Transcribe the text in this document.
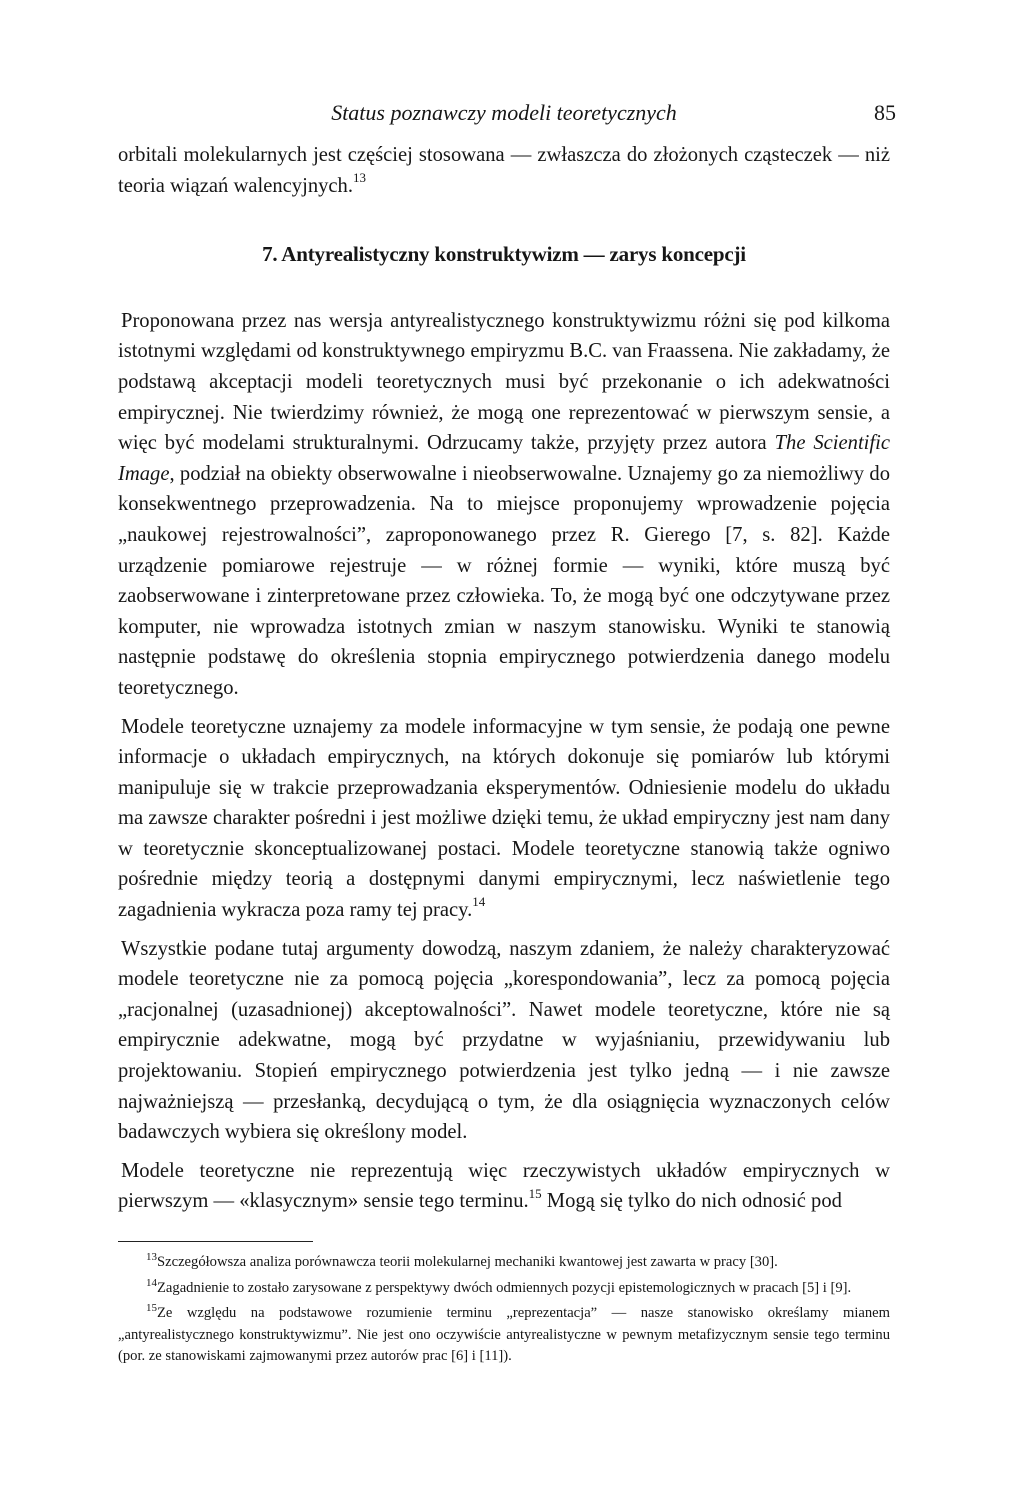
Status poznawczy modeli teoretycznych	85

orbitali molekularnych jest częściej stosowana — zwłaszcza do złożonych cząsteczek — niż teoria wiązań walencyjnych.$^{13}$

7. Antyrealistyczny konstruktywizm — zarys koncepcji

Proponowana przez nas wersja antyrealistycznego konstruktywizmu różni się pod kilkoma istotnymi względami od konstruktywnego empiryzmu B.C. van Fraassena. Nie zakładamy, że podstawą akceptacji modeli teoretycznych musi być przekonanie o ich adekwatności empirycznej. Nie twierdzimy również, że mogą one reprezentować w pierwszym sensie, a więc być modelami strukturalnymi. Odrzucamy także, przyjęty przez autora The Scientific Image, podział na obiekty obserwowalne i nieobserwowalne. Uznajemy go za niemożliwy do konsekwentnego przeprowadzenia. Na to miejsce proponujemy wprowadzenie pojęcia „naukowej rejestrowalności”, zaproponowanego przez R. Gierego [7, s. 82]. Każde urządzenie pomiarowe rejestruje — w różnej formie — wyniki, które muszą być zaobserwowane i zinterpretowane przez człowieka. To, że mogą być one odczytywane przez komputer, nie wprowadza istotnych zmian w naszym stanowisku. Wyniki te stanowią następnie podstawę do określenia stopnia empirycznego potwierdzenia danego modelu teoretycznego.

Modele teoretyczne uznajemy za modele informacyjne w tym sensie, że podają one pewne informacje o układach empirycznych, na których dokonuje się pomiarów lub którymi manipuluje się w trakcie przeprowadzania eksperymentów. Odniesienie modelu do układu ma zawsze charakter pośredni i jest możliwe dzięki temu, że układ empiryczny jest nam dany w teoretycznie skonceptualizowanej postaci. Modele teoretyczne stanowią także ogniwo pośrednie między teorią a dostępnymi danymi empirycznymi, lecz naświetlenie tego zagadnienia wykracza poza ramy tej pracy.$^{14}$

Wszystkie podane tutaj argumenty dowodzą, naszym zdaniem, że należy charakteryzować modele teoretyczne nie za pomocą pojęcia „korespondowania”, lecz za pomocą pojęcia „racjonalnej (uzasadnionej) akceptowalności”. Nawet modele teoretyczne, które nie są empirycznie adekwatne, mogą być przydatne w wyjaśnianiu, przewidywaniu lub projektowaniu. Stopień empirycznego potwierdzenia jest tylko jedną — i nie zawsze najważniejszą — przesłanką, decydującą o tym, że dla osiągnięcia wyznaczonych celów badawczych wybiera się określony model.

Modele teoretyczne nie reprezentują więc rzeczywistych układów empirycznych w pierwszym — «klasycznym» sensie tego terminu.$^{15}$ Mogą się tylko do nich odnosić pod

$^{13}$Szczegółowsza analiza porównawcza teorii molekularnej mechaniki kwantowej jest zawarta w pracy [30].

$^{14}$Zagadnienie to zostało zarysowane z perspektywy dwóch odmiennych pozycji epistemologicznych w pracach [5] i [9].

$^{15}$Ze względu na podstawowe rozumienie terminu „reprezentacja” — nasze stanowisko określamy mianem „antyrealistycznego konstruktywizmu”. Nie jest ono oczywiście antyrealistyczne w pewnym metafizycznym sensie tego terminu (por. ze stanowiskami zajmowanymi przez autorów prac [6] i [11]).
